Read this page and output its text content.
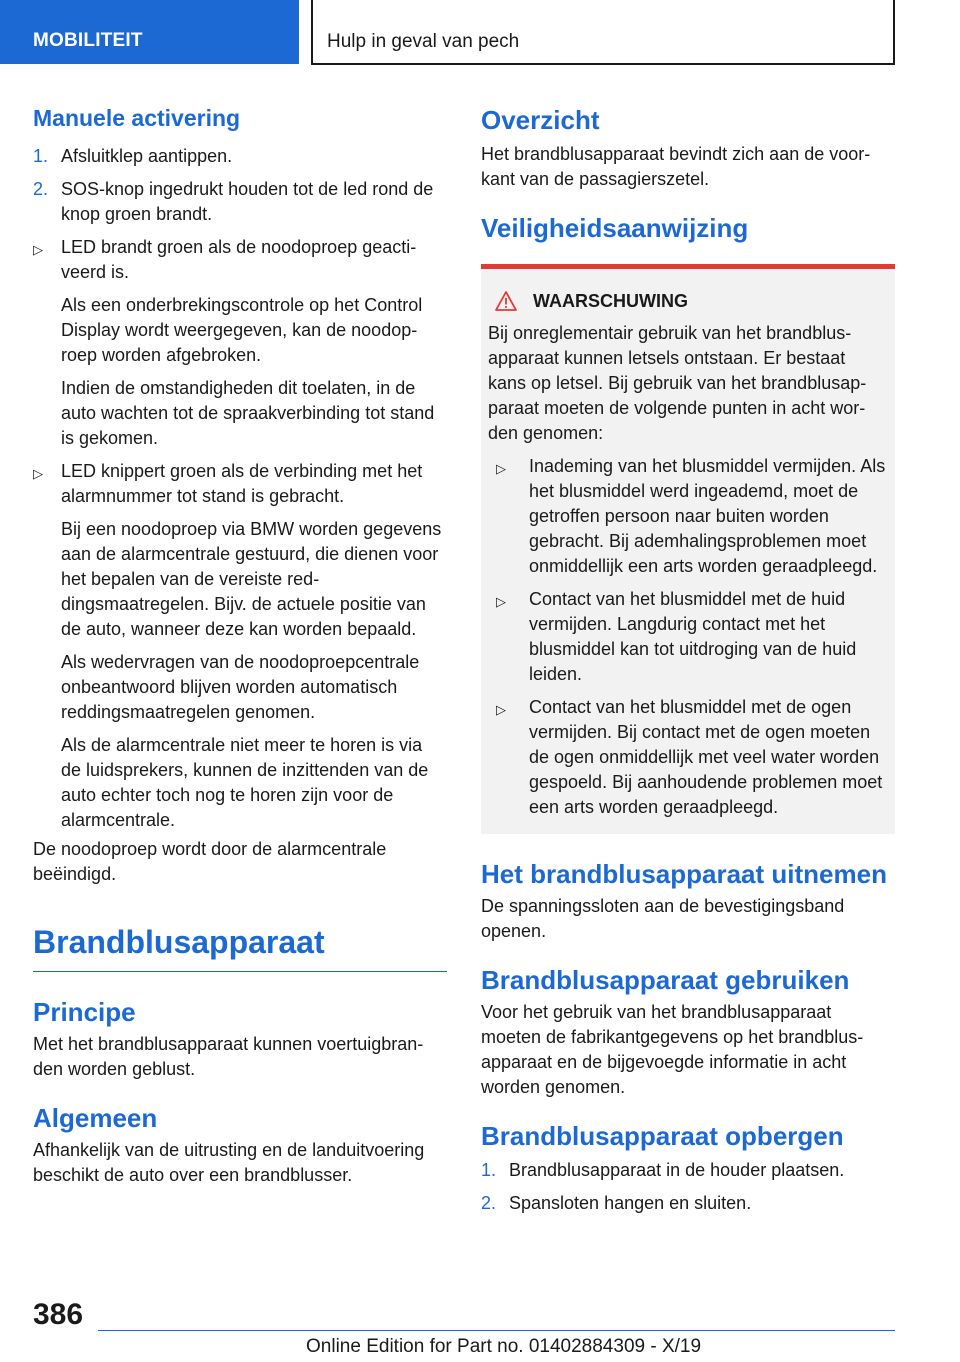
MOBILITEIT	Hulp in geval van pech
Manuele activering
1. Afsluitklep aantippen.
2. SOS-knop ingedrukt houden tot de led rond de knop groen brandt.
▷ LED brandt groen als de noodoproep geactiveerd is.
Als een onderbrekingscontrole op het Control Display wordt weergegeven, kan de noodoproep worden afgebroken.
Indien de omstandigheden dit toelaten, in de auto wachten tot de spraakverbinding tot stand is gekomen.
▷ LED knippert groen als de verbinding met het alarmnummer tot stand is gebracht.
Bij een noodoproep via BMW worden gegevens aan de alarmcentrale gestuurd, die dienen voor het bepalen van de vereiste reddingsmaatregelen. Bijv. de actuele positie van de auto, wanneer deze kan worden bepaald.
Als wedervragen van de noodoproepcentrale onbeantwoord blijven worden automatisch reddingsmaatregelen genomen.
Als de alarmcentrale niet meer te horen is via de luidsprekers, kunnen de inzittenden van de auto echter toch nog te horen zijn voor de alarmcentrale.
De noodoproep wordt door de alarmcentrale beëindigd.
Brandblusapparaat
Principe
Met het brandblusapparaat kunnen voertuigbranden worden geblust.
Algemeen
Afhankelijk van de uitrusting en de landuitvoering beschikt de auto over een brandblusser.
Overzicht
Het brandblusapparaat bevindt zich aan de voorkant van de passagierszetel.
Veiligheidsaanwijzing
WAARSCHUWING
Bij onreglementair gebruik van het brandblusapparaat kunnen letsels ontstaan. Er bestaat kans op letsel. Bij gebruik van het brandblusapparaat moeten de volgende punten in acht worden genomen:
▷ Inademing van het blusmiddel vermijden. Als het blusmiddel werd ingeademd, moet de getroffen persoon naar buiten worden gebracht. Bij ademhalingsproblemen moet onmiddellijk een arts worden geraadpleegd.
▷ Contact van het blusmiddel met de huid vermijden. Langdurig contact met het blusmiddel kan tot uitdroging van de huid leiden.
▷ Contact van het blusmiddel met de ogen vermijden. Bij contact met de ogen moeten de ogen onmiddellijk met veel water worden gespoeld. Bij aanhoudende problemen moet een arts worden geraadpleegd.
Het brandblusapparaat uitnemen
De spanningssloten aan de bevestigingsband openen.
Brandblusapparaat gebruiken
Voor het gebruik van het brandblusapparaat moeten de fabrikantgegevens op het brandblusapparaat en de bijgevoegde informatie in acht worden genomen.
Brandblusapparaat opbergen
1. Brandblusapparaat in de houder plaatsen.
2. Spansloten hangen en sluiten.
386
Online Edition for Part no. 01402884309 - X/19
